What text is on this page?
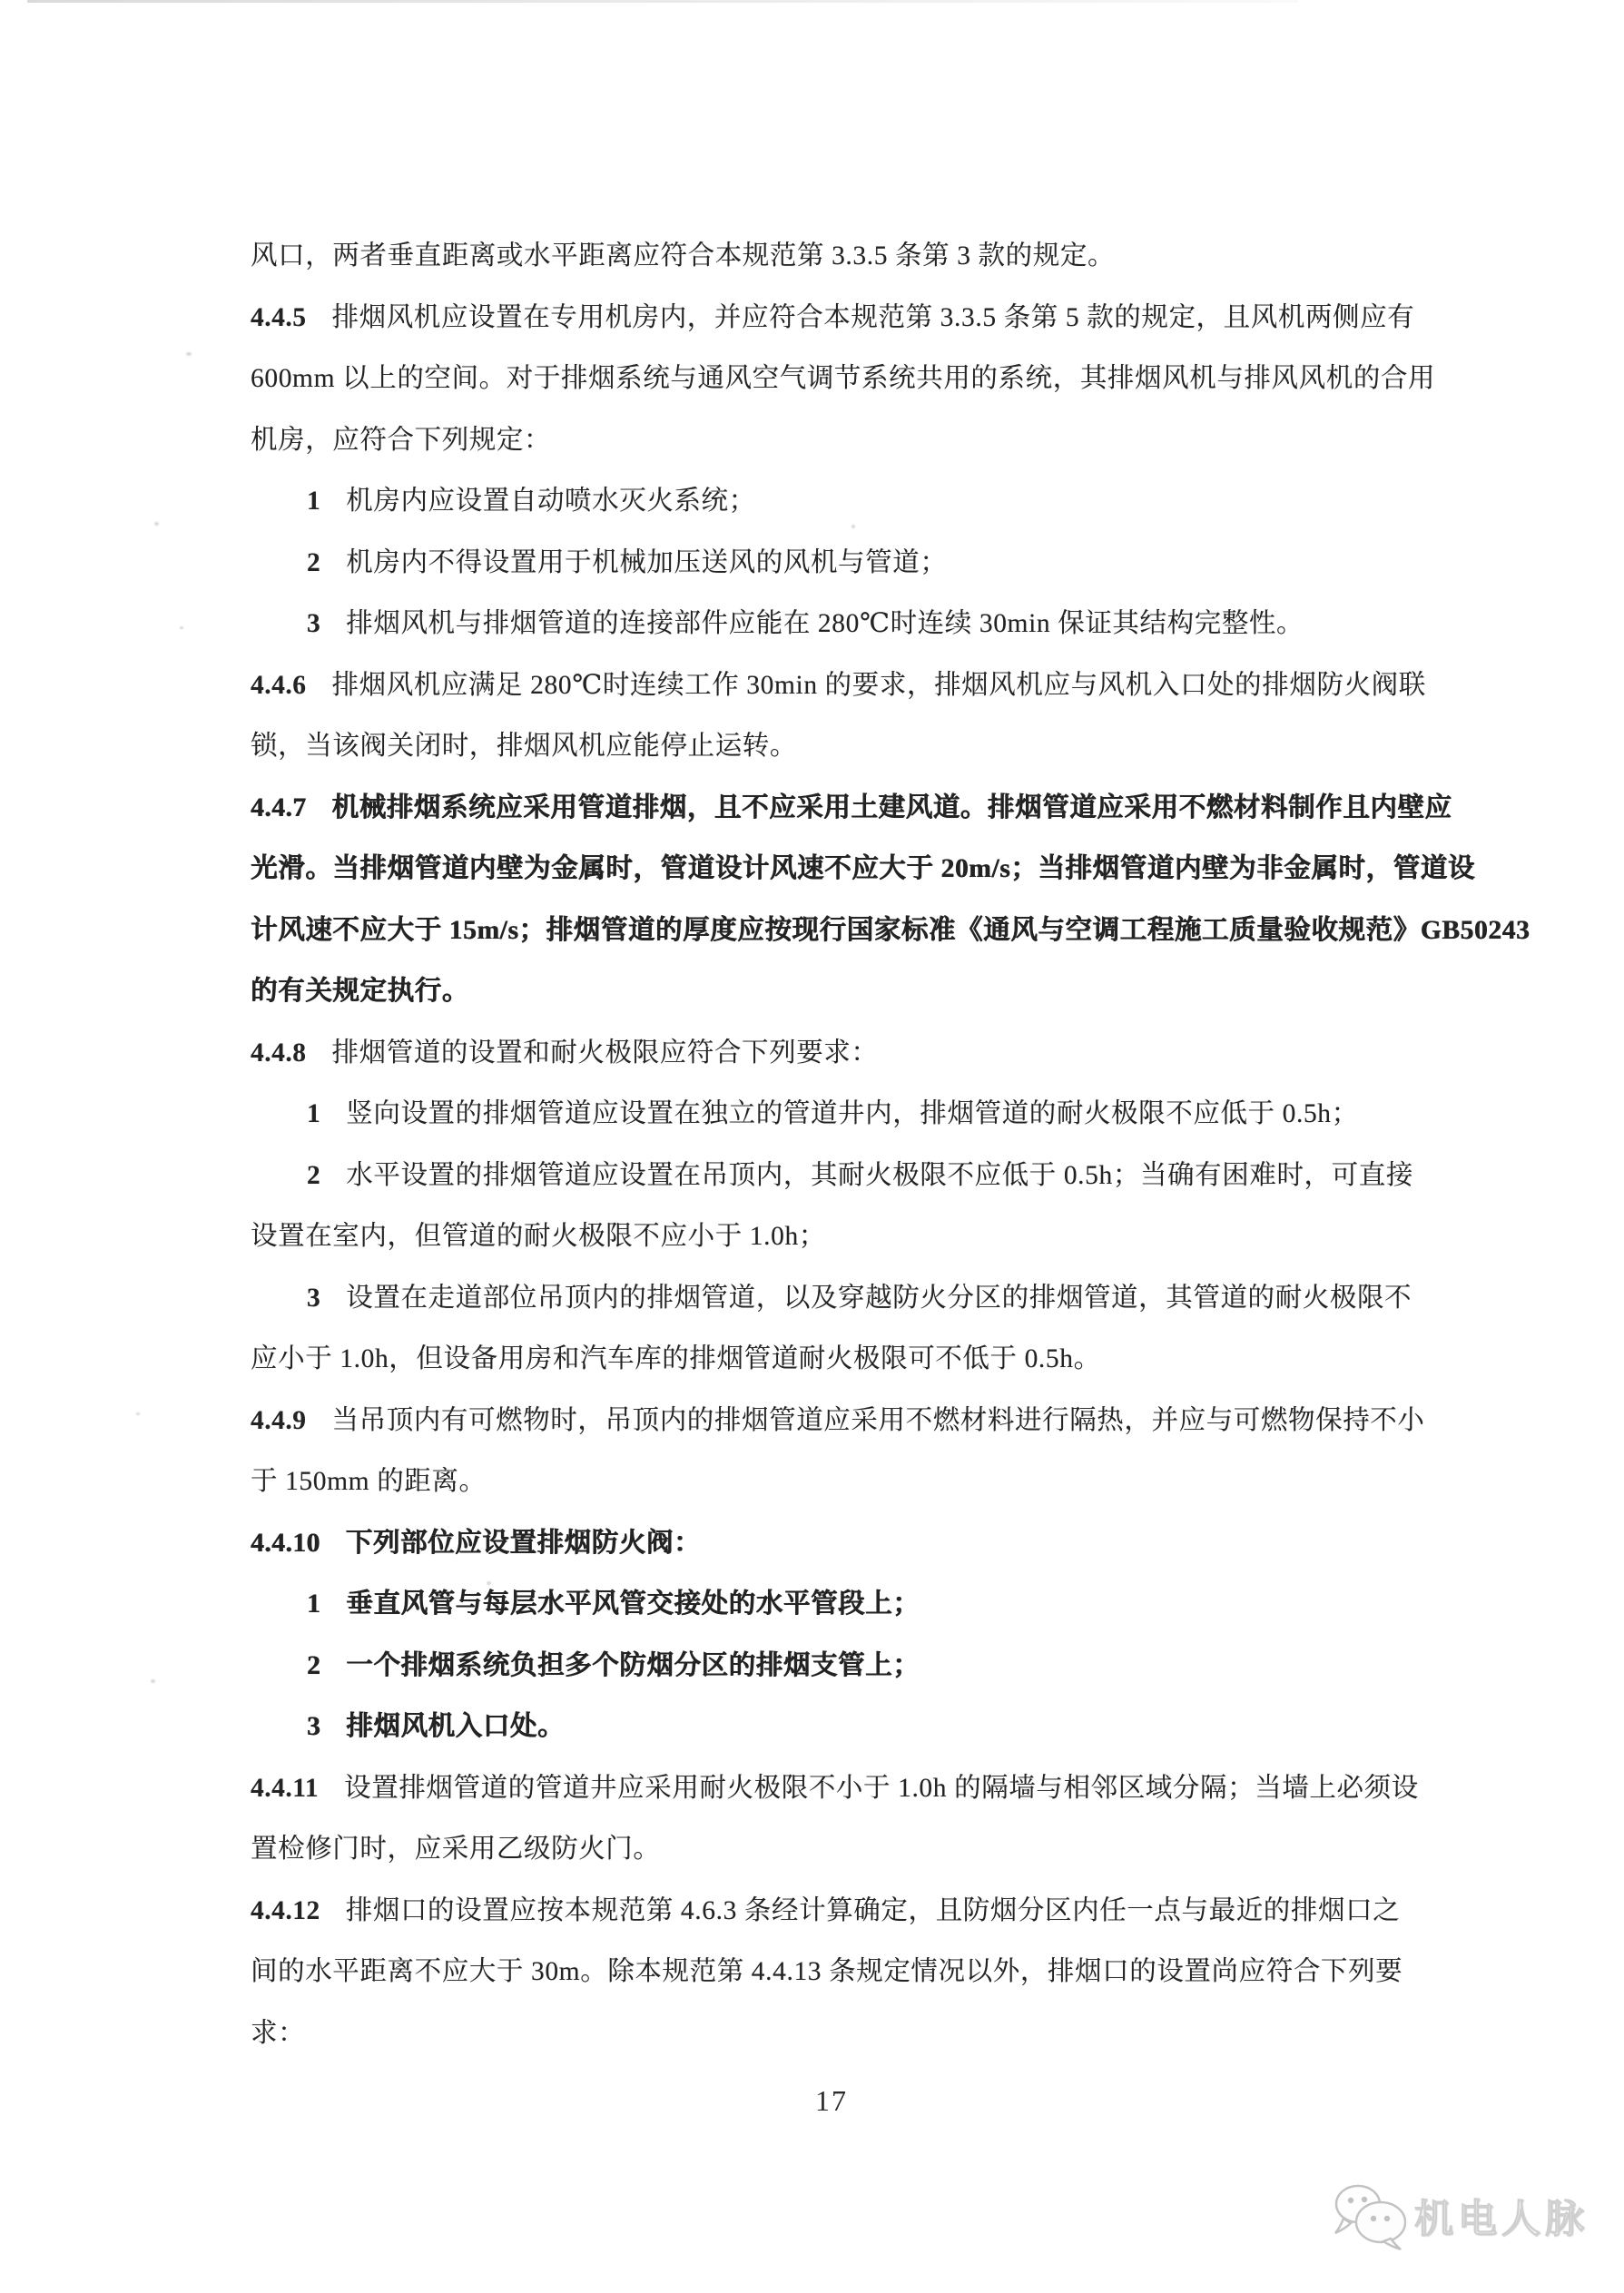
风口，两者垂直距离或水平距离应符合本规范第 3.3.5 条第 3 款的规定。
4.4.5 排烟风机应设置在专用机房内，并应符合本规范第 3.3.5 条第 5 款的规定，且风机两侧应有
600mm 以上的空间。对于排烟系统与通风空气调节系统共用的系统，其排烟风机与排风风机的合用
机房，应符合下列规定：
1 机房内应设置自动喷水灭火系统；
2 机房内不得设置用于机械加压送风的风机与管道；
3 排烟风机与排烟管道的连接部件应能在 280℃时连续 30min 保证其结构完整性。
4.4.6 排烟风机应满足 280℃时连续工作 30min 的要求，排烟风机应与风机入口处的排烟防火阀联
锁，当该阀关闭时，排烟风机应能停止运转。
4.4.7 机械排烟系统应采用管道排烟，且不应采用土建风道。排烟管道应采用不燃材料制作且内壁应
光滑。当排烟管道内壁为金属时，管道设计风速不应大于 20m/s；当排烟管道内壁为非金属时，管道设
计风速不应大于 15m/s；排烟管道的厚度应按现行国家标准《通风与空调工程施工质量验收规范》GB50243
的有关规定执行。
4.4.8 排烟管道的设置和耐火极限应符合下列要求：
1 竖向设置的排烟管道应设置在独立的管道井内，排烟管道的耐火极限不应低于 0.5h；
2 水平设置的排烟管道应设置在吊顶内，其耐火极限不应低于 0.5h；当确有困难时，可直接
设置在室内，但管道的耐火极限不应小于 1.0h；
3 设置在走道部位吊顶内的排烟管道，以及穿越防火分区的排烟管道，其管道的耐火极限不
应小于 1.0h，但设备用房和汽车库的排烟管道耐火极限可不低于 0.5h。
4.4.9 当吊顶内有可燃物时，吊顶内的排烟管道应采用不燃材料进行隔热，并应与可燃物保持不小
于 150mm 的距离。
4.4.10 下列部位应设置排烟防火阀：
1 垂直风管与每层水平风管交接处的水平管段上；
2 一个排烟系统负担多个防烟分区的排烟支管上；
3 排烟风机入口处。
4.4.11 设置排烟管道的管道井应采用耐火极限不小于 1.0h 的隔墙与相邻区域分隔；当墙上必须设
置检修门时，应采用乙级防火门。
4.4.12 排烟口的设置应按本规范第 4.6.3 条经计算确定，且防烟分区内任一点与最近的排烟口之
间的水平距离不应大于 30m。除本规范第 4.4.13 条规定情况以外，排烟口的设置尚应符合下列要
求：
17
机电人脉
